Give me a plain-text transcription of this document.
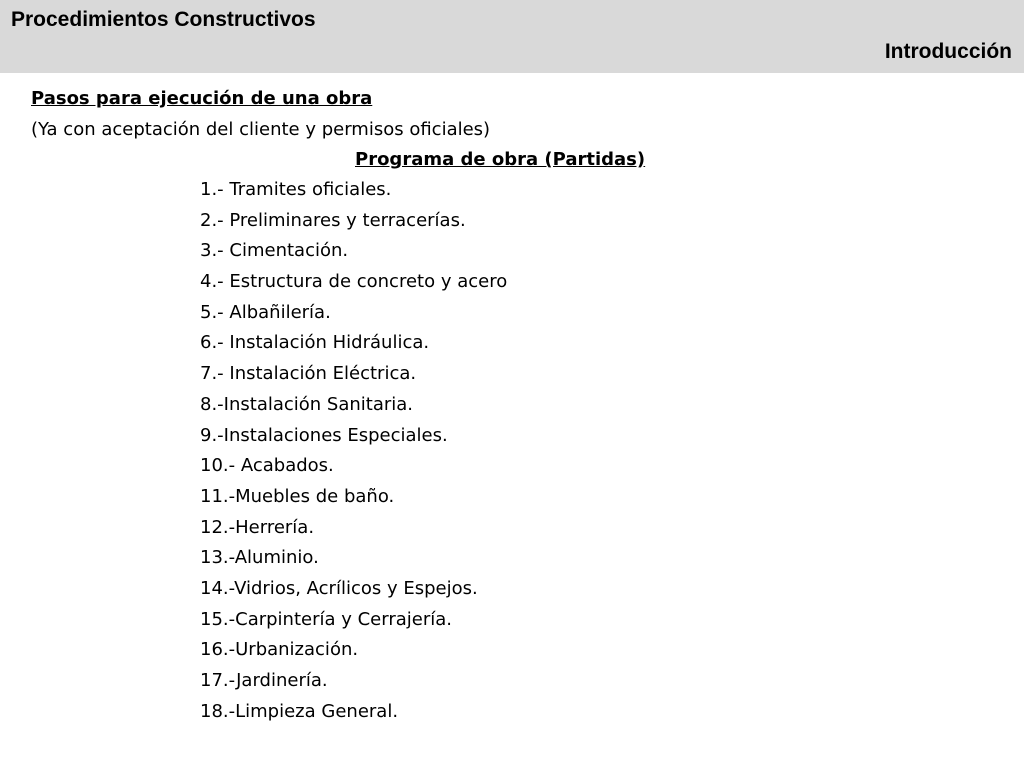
Procedimientos Constructivos
Introducción
Pasos para ejecución de una obra
(Ya con aceptación del cliente y permisos oficiales)
Programa de obra (Partidas)
1.- Tramites oficiales.
2.- Preliminares y terracerías.
3.- Cimentación.
4.- Estructura de concreto y acero
5.- Albañilería.
6.- Instalación Hidráulica.
7.- Instalación Eléctrica.
8.-Instalación Sanitaria.
9.-Instalaciones Especiales.
10.- Acabados.
11.-Muebles de baño.
12.-Herrería.
13.-Aluminio.
14.-Vidrios, Acrílicos y Espejos.
15.-Carpintería y Cerrajería.
16.-Urbanización.
17.-Jardinería.
18.-Limpieza General.
